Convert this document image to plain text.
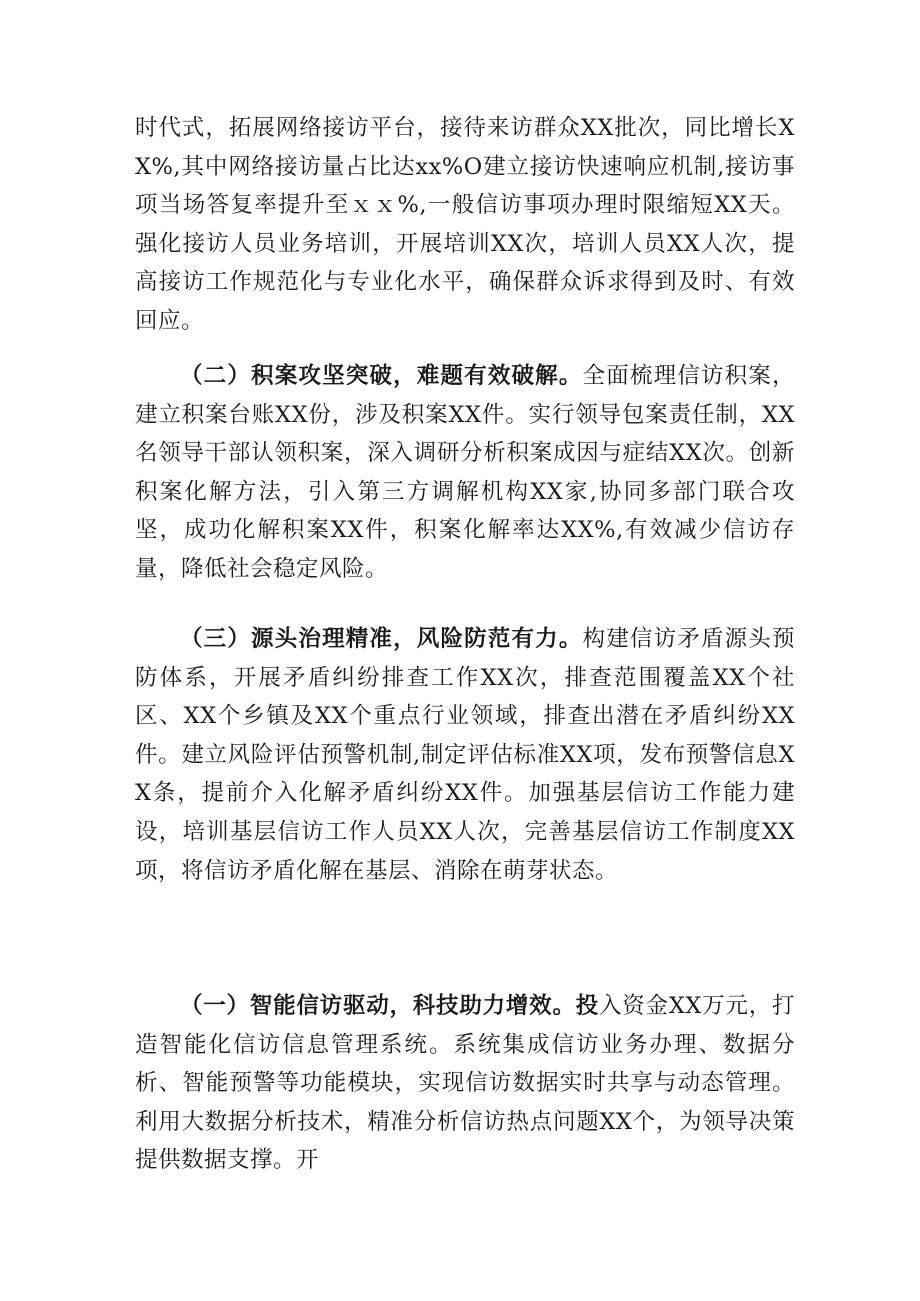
时代式，拓展网络接访平台，接待来访群众XX批次，同比增长XX%,其中网络接访量占比达xx%O建立接访快速响应机制,接访事项当场答复率提升至ｘｘ%,一般信访事项办理时限缩短XX天。强化接访人员业务培训，开展培训XX次，培训人员XX人次，提高接访工作规范化与专业化水平，确保群众诉求得到及时、有效回应。

（二）积案攻坚突破，难题有效破解。全面梳理信访积案，建立积案台账XX份，涉及积案XX件。实行领导包案责任制，XX名领导干部认领积案，深入调研分析积案成因与症结XX次。创新积案化解方法，引入第三方调解机构XX家,协同多部门联合攻坚，成功化解积案XX件，积案化解率达XX%,有效减少信访存量，降低社会稳定风险。

（三）源头治理精准，风险防范有力。构建信访矛盾源头预防体系，开展矛盾纠纷排查工作XX次，排查范围覆盖XX个社区、XX个乡镇及XX个重点行业领域，排查出潜在矛盾纠纷XX件。建立风险评估预警机制,制定评估标准XX项，发布预警信息XX条，提前介入化解矛盾纠纷XX件。加强基层信访工作能力建设，培训基层信访工作人员XX人次，完善基层信访工作制度XX项，将信访矛盾化解在基层、消除在萌芽状态。

（一）智能信访驱动，科技助力增效。投入资金XX万元，打造智能化信访信息管理系统。系统集成信访业务办理、数据分析、智能预警等功能模块，实现信访数据实时共享与动态管理。利用大数据分析技术，精准分析信访热点问题XX个，为领导决策提供数据支撑。开
